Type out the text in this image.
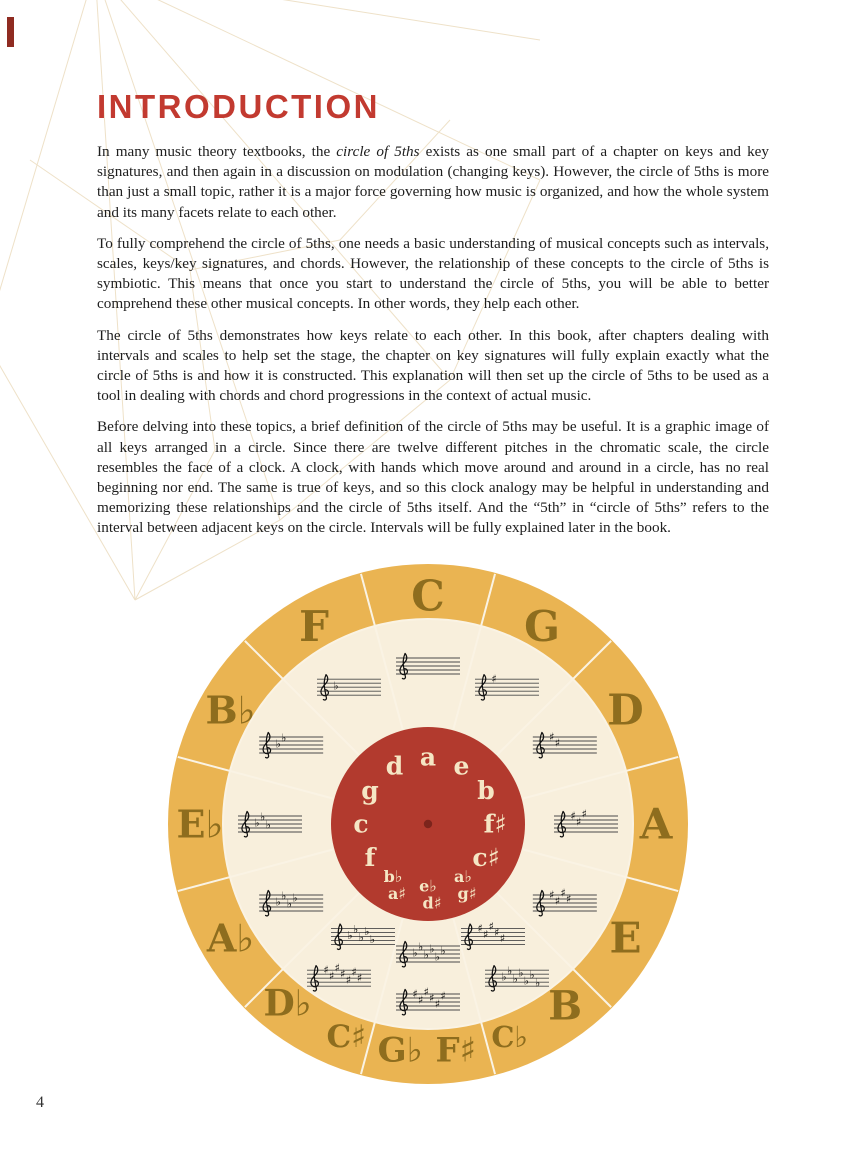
INTRODUCTION

In many music theory textbooks, the circle of 5ths exists as one small part of a chapter on keys and key signatures, and then again in a discussion on modulation (changing keys). However, the circle of 5ths is more than just a small topic, rather it is a major force governing how music is organized, and how the whole system and its many facets relate to each other.

To fully comprehend the circle of 5ths, one needs a basic understanding of musical concepts such as intervals, scales, keys/key signatures, and chords. However, the relationship of these concepts to the circle of 5ths is symbiotic. This means that once you start to understand the circle of 5ths, you will be able to better comprehend these other musical concepts. In other words, they help each other.

The circle of 5ths demonstrates how keys relate to each other. In this book, after chapters dealing with intervals and scales to help set the stage, the chapter on key signatures will fully explain exactly what the circle of 5ths is and how it is constructed. This explanation will then set up the circle of 5ths to be used as a tool in dealing with chords and chord progressions in the context of actual music.

Before delving into these topics, a brief definition of the circle of 5ths may be useful. It is a graphic image of all keys arranged in a circle. Since there are twelve different pitches in the chromatic scale, the circle resembles the face of a clock. A clock, with hands which move around and around in a circle, has no real beginning nor end. The same is true of keys, and so this clock analogy may be helpful in understanding and memorizing these relationships and the circle of 5ths itself. And the “5th” in “circle of 5ths” refers to the interval between adjacent keys on the circle. Intervals will be fully explained later in the book.

C
a
G
e
♯
D
b
♯ ♯
A
f♯	♯ ♯
♯
E
c♯
♯ ♯
♯ ♯
B
C♭
a♭
g♯
♯ ♯
♯ ♯ ♯
♭ ♭
♭ ♭
♭ ♭
♭
G♭ F♯
e♭
d♯
♭ ♭
♭ ♭
♭ ♭
♯ ♯
♯ ♯ ♯
♯
D♭
C♯
b♭
a♯
♭ ♭
♭ ♭
♭
♯ ♯
♯ ♯ ♯
♯ ♯
A♭
f
♭ ♭
♭ ♭
E♭	c
♭ ♭
♭
B♭
g
♭ ♭
F
d
♭
4
